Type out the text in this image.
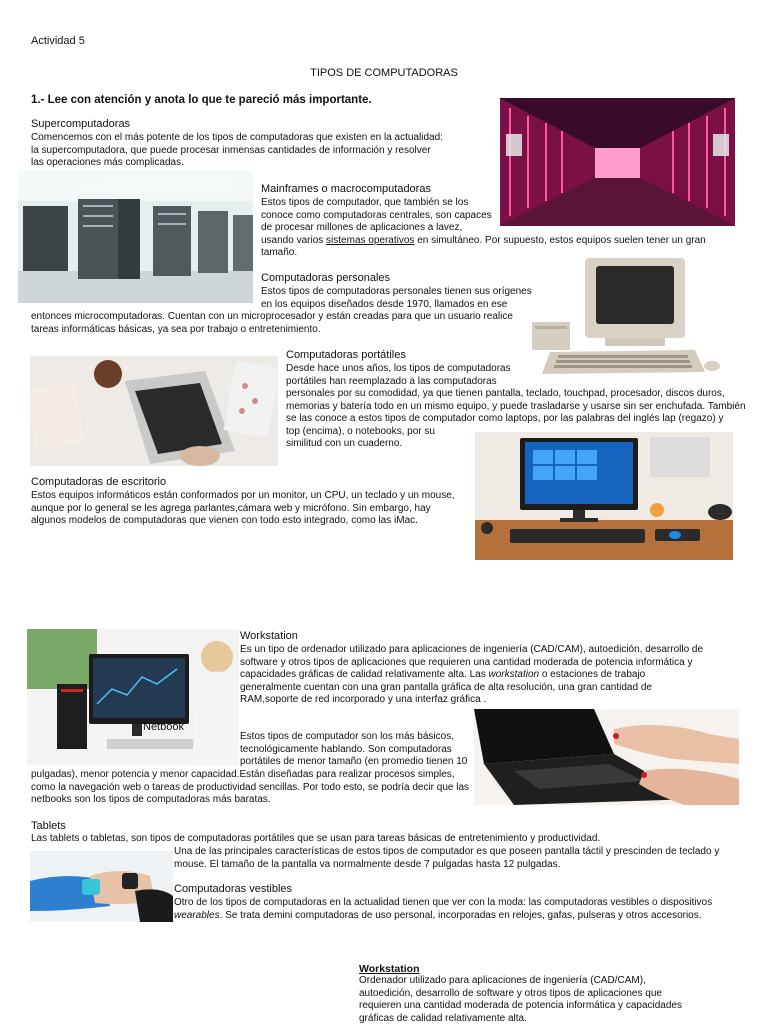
Actividad 5
TIPOS DE COMPUTADORAS
1.- Lee con atención y anota lo que te pareció más importante.
Supercomputadoras
Comencemos con el más potente de los tipos de computadoras que existen en la actualidad:
la supercomputadora, que puede procesar inmensas cantidades de información y resolver
las operaciones más complicadas.
Mainframes o macrocomputadoras
Estos tipos de computador, que también se los
conoce como computadoras centrales, son capaces
de procesar millones de aplicaciones a lavez,
usando varios sistemas operativos en simultáneo. Por supuesto, estos equipos suelen tener un gran
tamaño.
Computadoras personales
Estos tipos de computadoras personales tienen sus orígenes
en los equipos diseñados desde 1970, llamados en ese
entonces microcomputadoras. Cuentan con un microprocesador y están creadas para que un usuario realice
tareas informáticas básicas, ya sea por trabajo o entretenimiento.
Computadoras portátiles
Desde hace unos años, los tipos de computadoras
portátiles han reemplazado a las computadoras
personales por su comodidad, ya que tienen pantalla, teclado, touchpad, procesador, discos duros,
memorias y batería todo en un mismo equipo, y puede trasladarse y usarse sin ser enchufada. También
se las conoce a estos tipos de computador como laptops, por las palabras del inglés lap (regazo) y
top (encima), o notebooks, por su
similitud con un cuaderno.
Computadoras de escritorio
Estos equipos informáticos están conformados por un monitor, un CPU, un teclado y un mouse,
aunque por lo general se les agrega parlantes,cámara web y micrófono. Sin embargo, hay
algunos modelos de computadoras que vienen con todo esto integrado, como las iMac.
Netbook
Workstation
Es un tipo de ordenador utilizado para aplicaciones de ingeniería (CAD/CAM), autoedición, desarrollo de
software y otros tipos de aplicaciones que requieren una cantidad moderada de potencia informática y
capacidades gráficas de calidad relativamente alta. Las workstation o estaciones de trabajo
generalmente cuentan con una gran pantalla gráfica de alta resolución, una gran cantidad de
RAM,soporte de red incorporado y una interfaz gráfica .
Estos tipos de computador son los más básicos,
tecnológicamente hablando. Son computadoras
portátiles de menor tamaño (en promedio tienen 10
pulgadas), menor potencia y menor capacidad.Están diseñadas para realizar procesos simples,
como la navegación web o tareas de productividad sencillas. Por todo esto, se podría decir que las
netbooks son los tipos de computadoras más baratas.
Tablets
Las tablets o tabletas, son tipos de computadoras portátiles que se usan para tareas básicas de entretenimiento y productividad.
Una de las principales características de estos tipos de computador es que poseen pantalla táctil y prescinden de teclado y
mouse. El tamaño de la pantalla va normalmente desde 7 pulgadas hasta 12 pulgadas.
Computadoras vestibles
Otro de los tipos de computadoras en la actualidad tienen que ver con la moda: las computadoras vestibles o dispositivos
wearables. Se trata demini computadoras de uso personal, incorporadas en relojes, gafas, pulseras y otros accesorios.
Workstation
Ordenador utilizado para aplicaciones de ingeniería (CAD/CAM),
autoedición, desarrollo de software y otros tipos de aplicaciones que
requieren una cantidad moderada de potencia informática y capacidades
gráficas de calidad relativamente alta.
